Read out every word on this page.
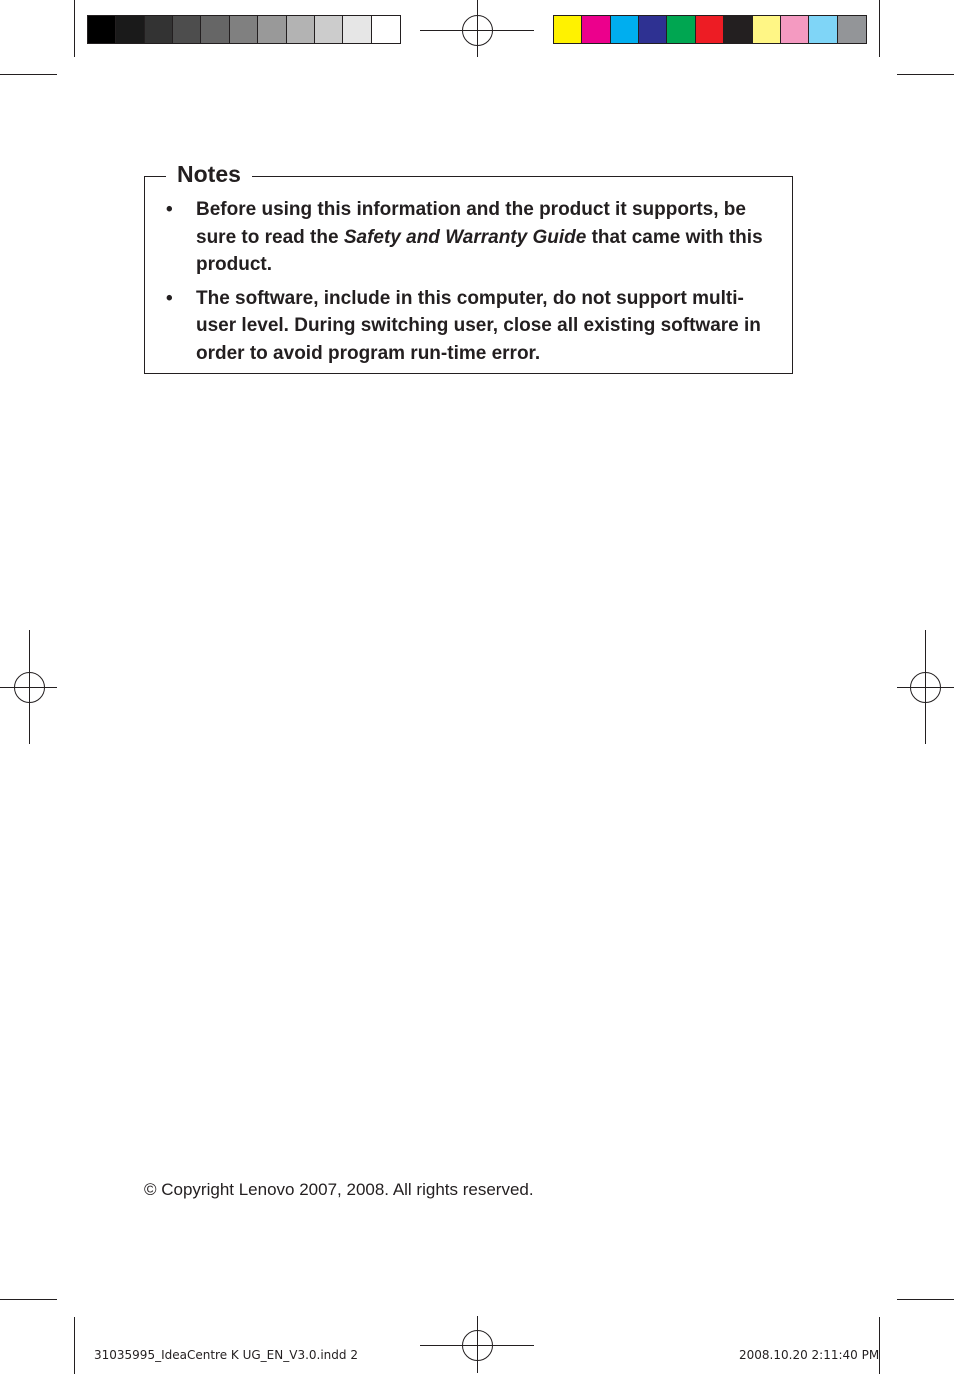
Notes
• Before using this information and the product it supports, be sure to read the Safety and Warranty Guide that came with this product.
• The software, include in this computer, do not support multi-user level. During switching user, close all existing software in order to avoid program run-time error.
© Copyright Lenovo 2007, 2008. All rights reserved.
31035995_IdeaCentre K UG_EN_V3.0.indd 2	2008.10.20 2:11:40 PM
